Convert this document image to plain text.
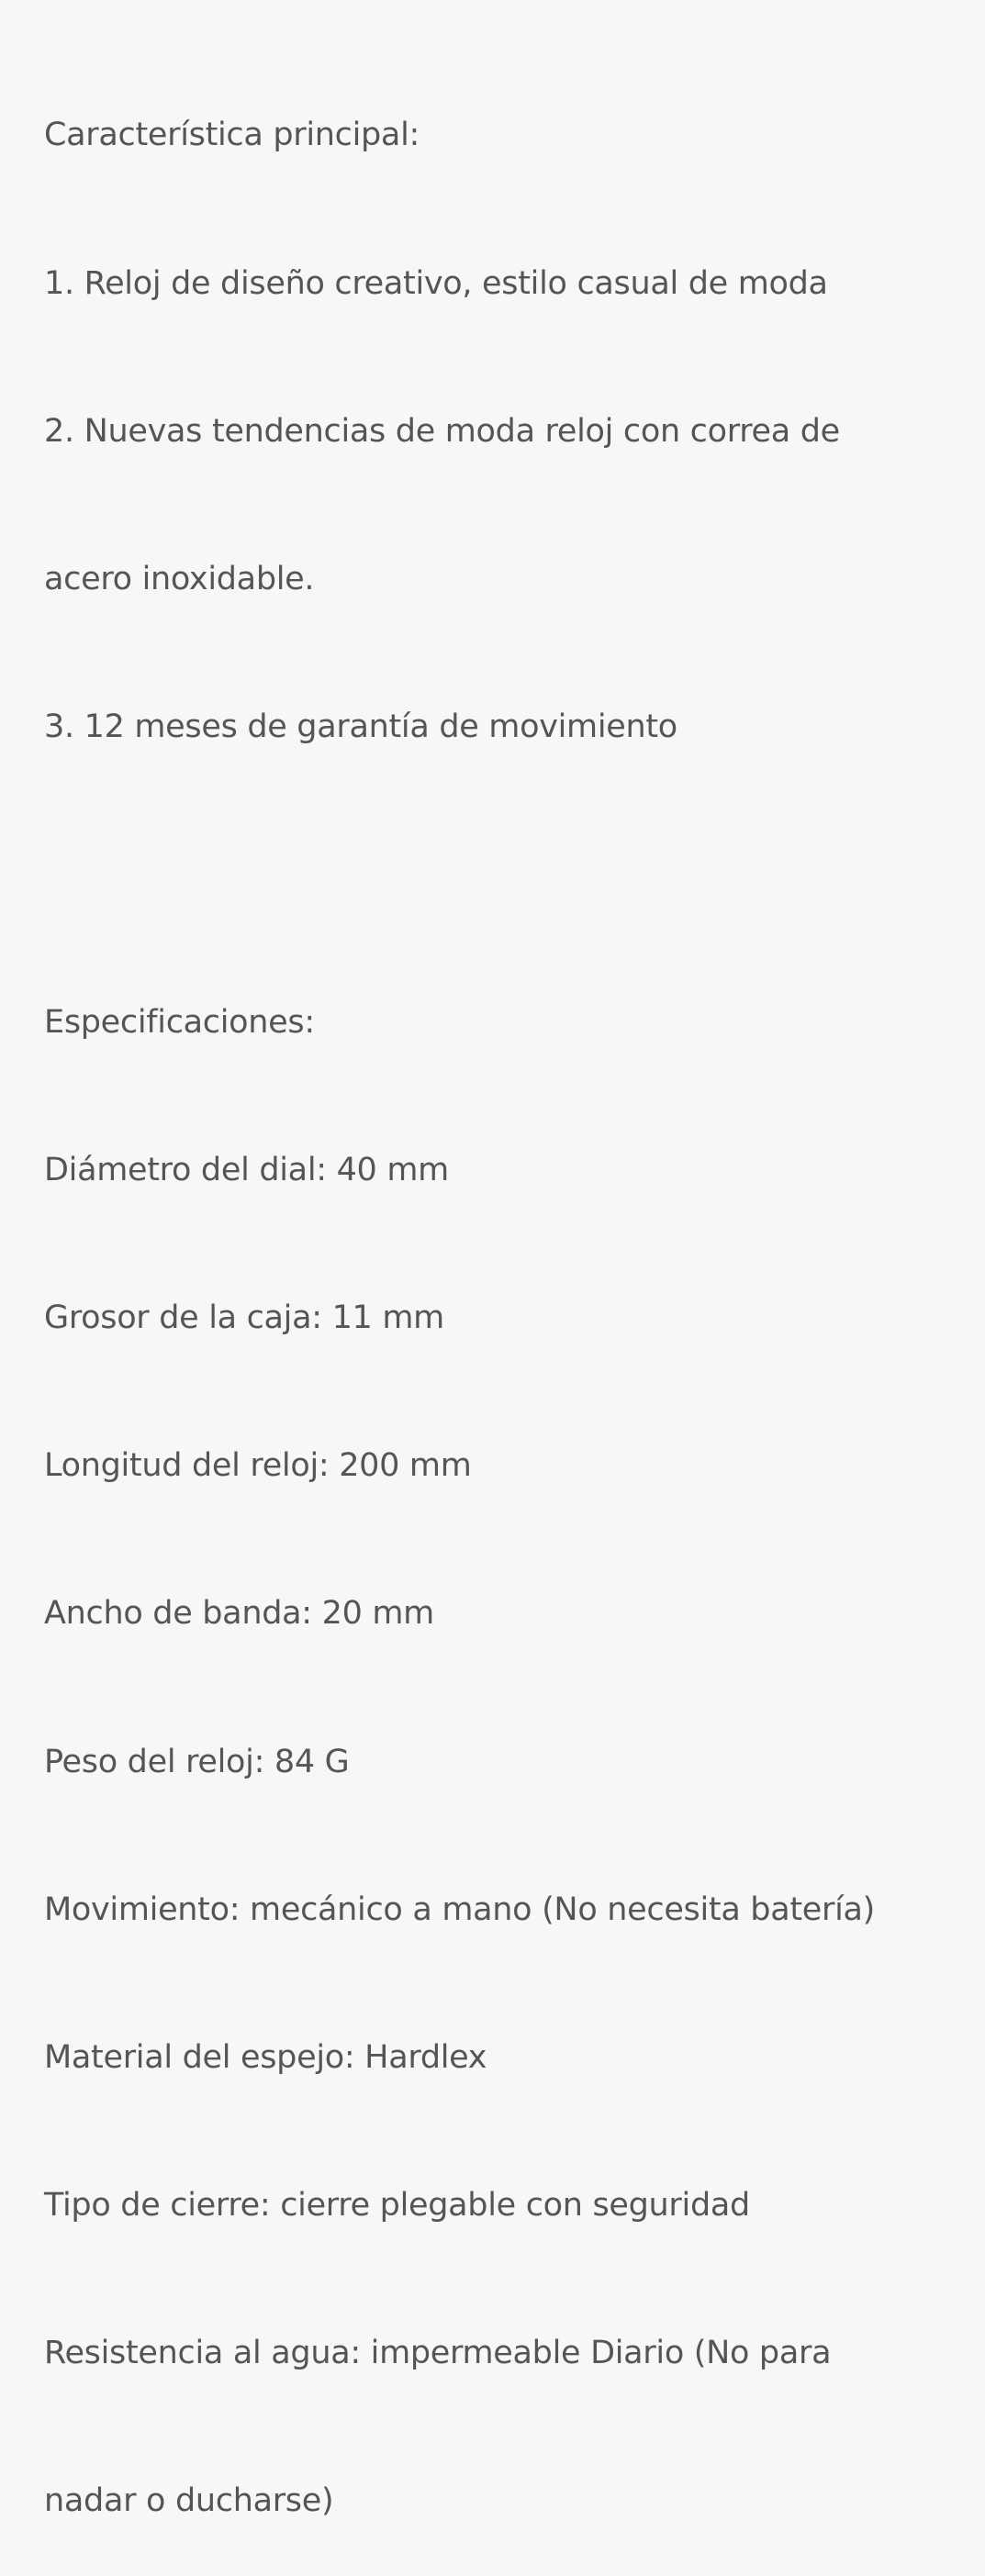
Característica principal:

1. Reloj de diseño creativo, estilo casual de moda

2. Nuevas tendencias de moda reloj con correa de

acero inoxidable.

3. 12 meses de garantía de movimiento

Especificaciones:

Diámetro del dial: 40 mm

Grosor de la caja: 11 mm

Longitud del reloj: 200 mm

Ancho de banda: 20 mm

Peso del reloj: 84 G

Movimiento: mecánico a mano (No necesita batería)

Material del espejo: Hardlex

Tipo de cierre: cierre plegable con seguridad

Resistencia al agua: impermeable Diario (No para

nadar o ducharse)
